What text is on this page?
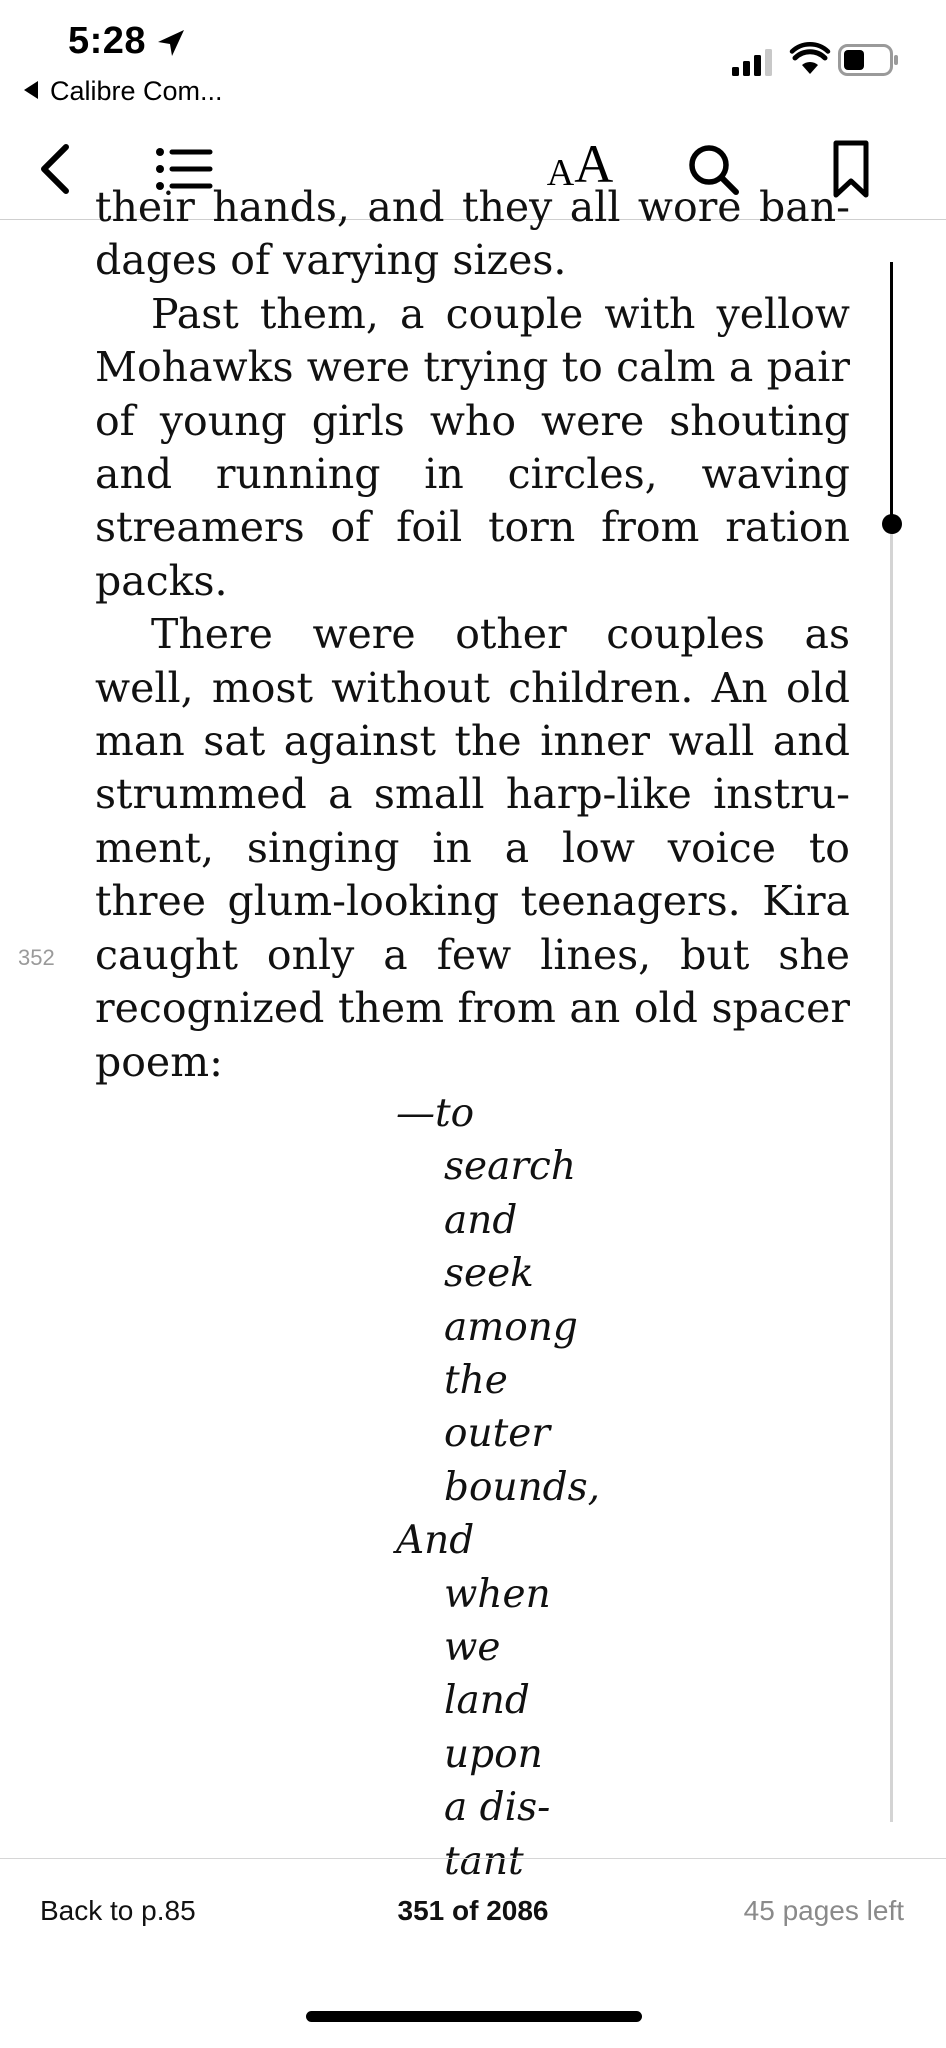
5:28
Calibre Com...
A A

their hands, and they all wore ban-dages of varying sizes.

Past them, a couple with yellow Mohawks were trying to calm a pair of young girls who were shouting and running in circles, waving streamers of foil torn from ration packs.

There were other couples as well, most without children. An old man sat against the inner wall and strummed a small harp-like instru-ment, singing in a low voice to three glum-looking teenagers. Kira caught only a few lines, but she recognized them from an old spacer poem:

352
—to
search
and
seek
among
the
outer
bounds,
And
when
we
land
upon
a dis-
tant
Back to p.85	351 of 2086	45 pages left
